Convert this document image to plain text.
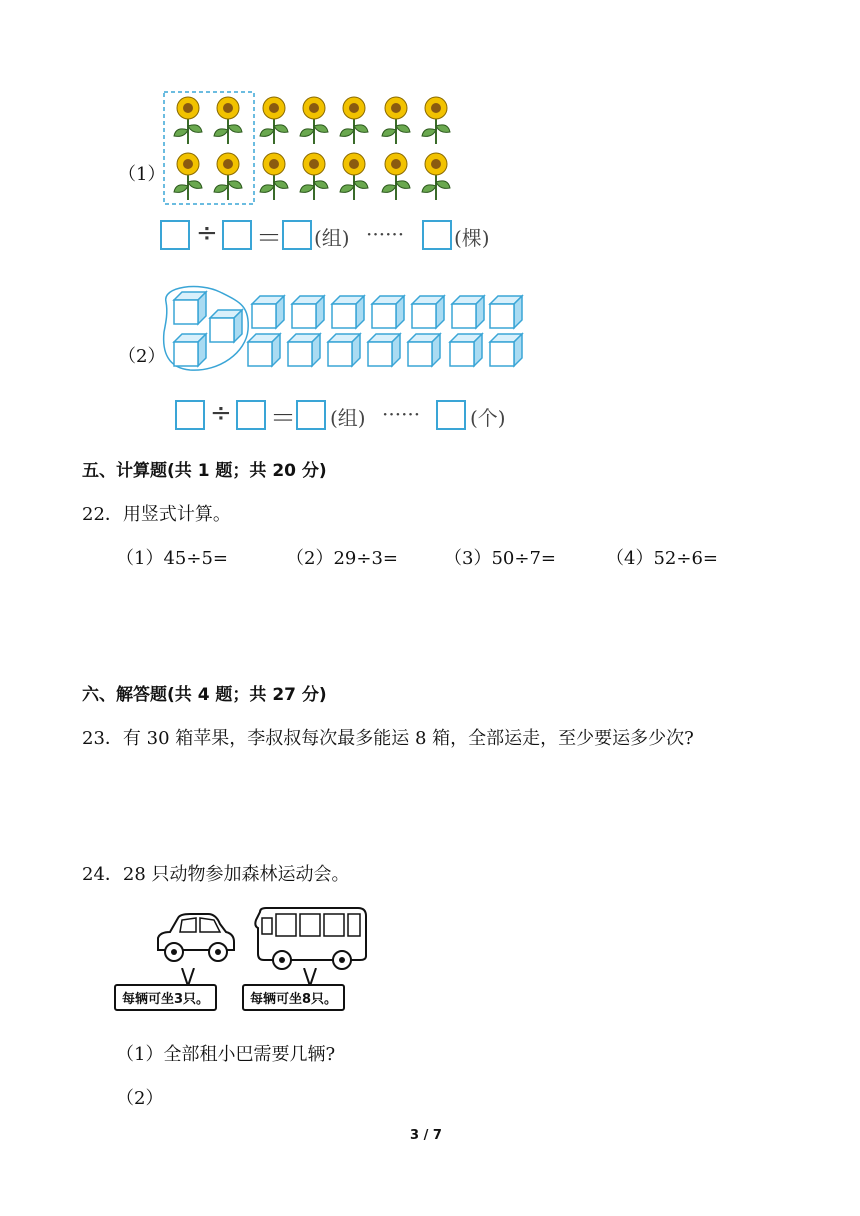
（1）
÷ ＝ (组) ······ (棵)
（2）
÷ ＝ (组) ······ (个)
五、计算题(共 1 题；共 20 分)
22．用竖式计算。
（1）45÷5=	（2）29÷3=	（3）50÷7=	（4）52÷6=
六、解答题(共 4 题；共 27 分)
23．有 30 箱苹果，李叔叔每次最多能运 8 箱，全部运走，至少要运多少次?
24．28 只动物参加森林运动会。
每辆可坐3只。	每辆可坐8只。
（1）全部租小巴需要几辆?
（2）
3 / 7
